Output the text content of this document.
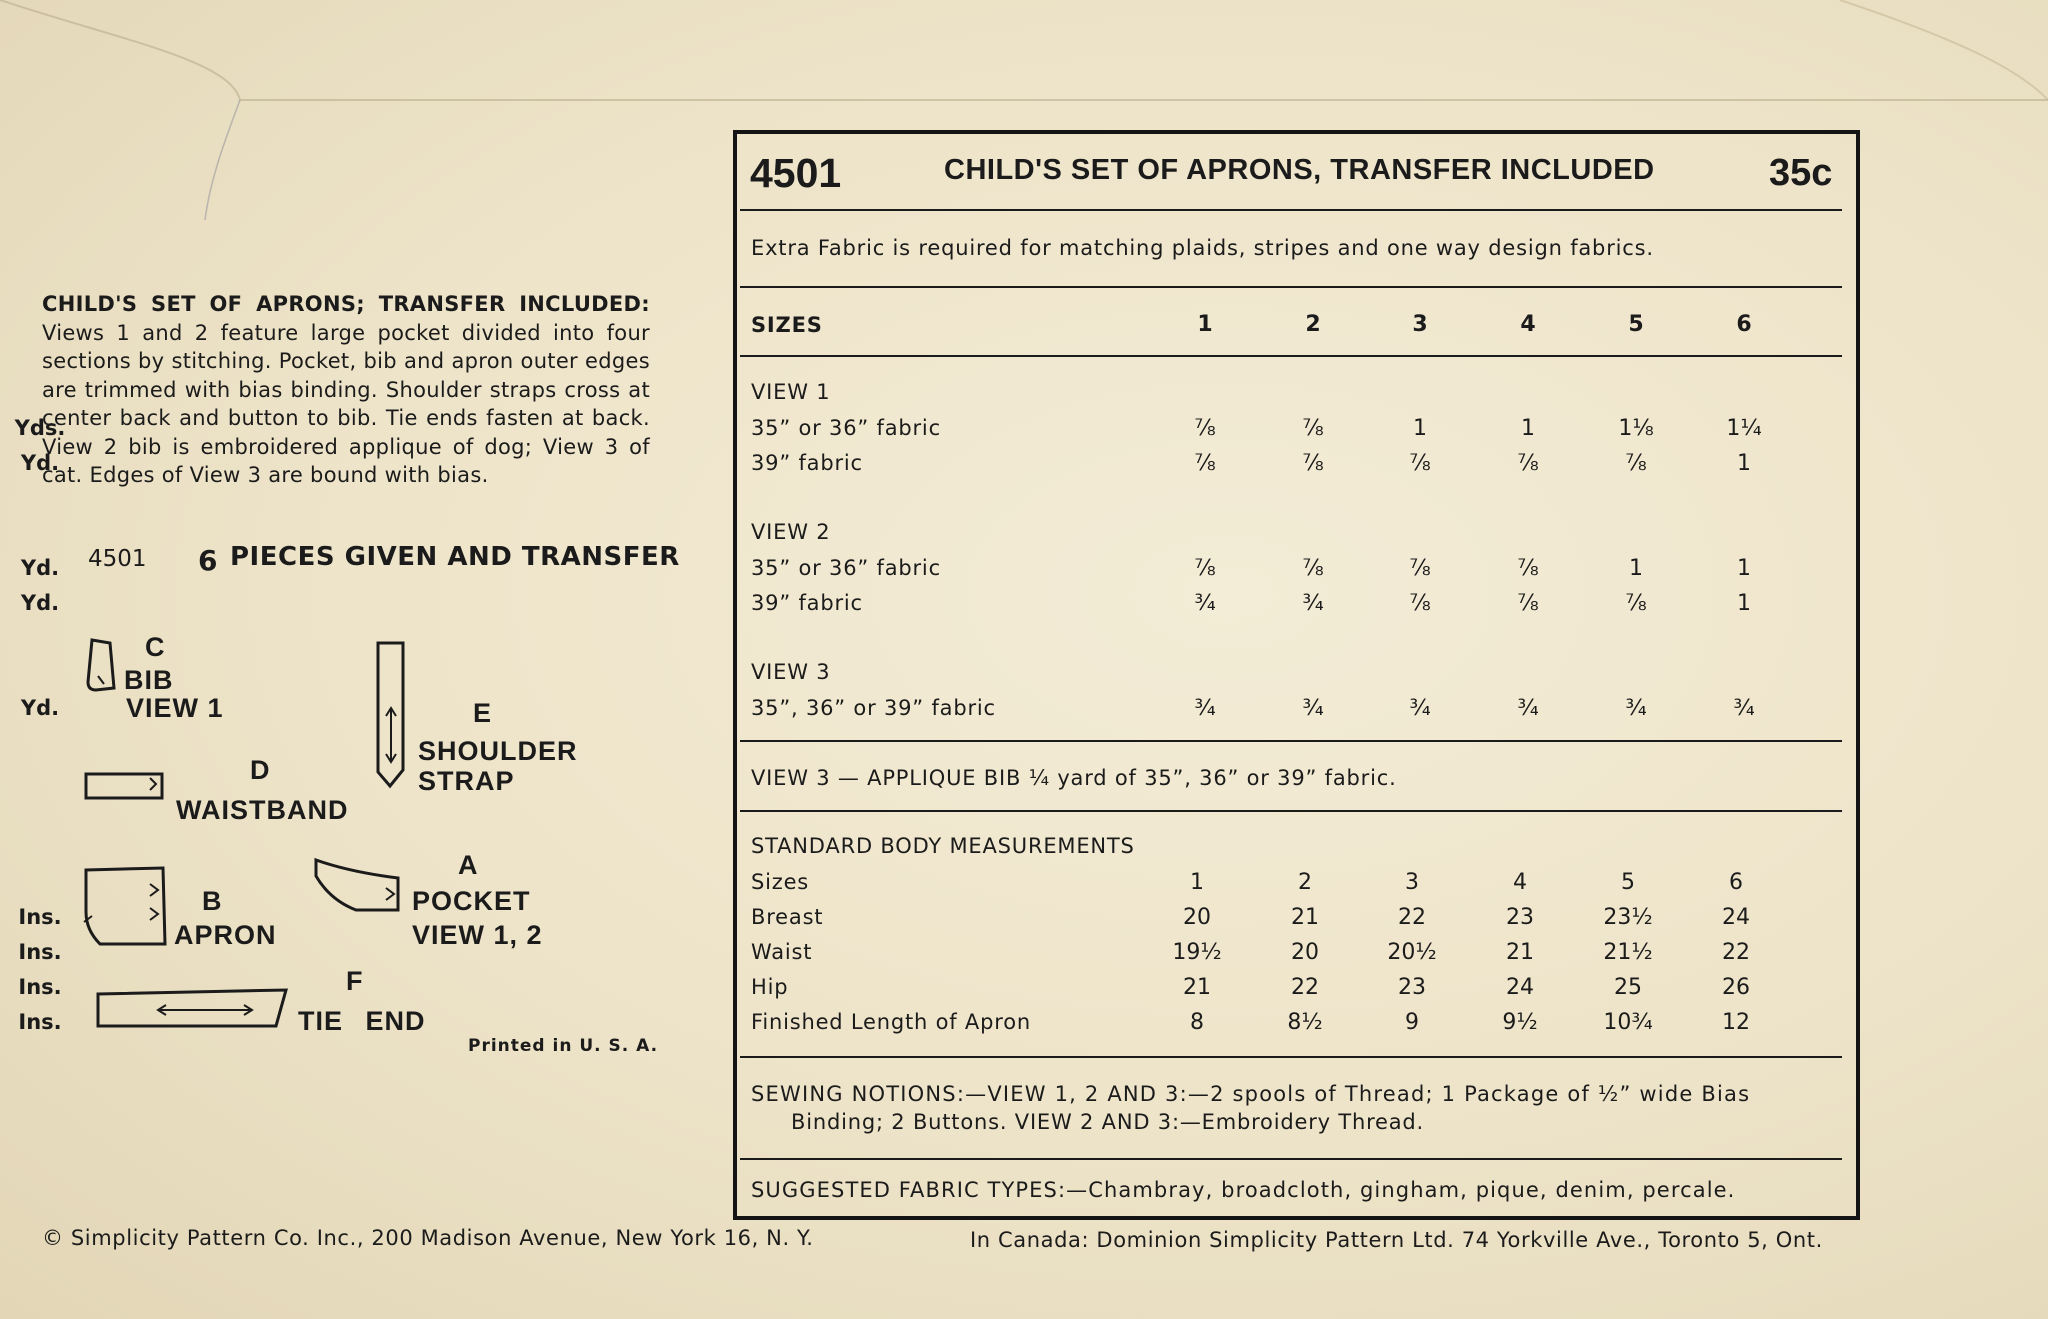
CHILD'S SET OF APRONS; TRANSFER INCLUDED: Views 1 and 2 feature large pocket divided into four sections by stitching. Pocket, bib and apron outer edges are trimmed with bias binding. Shoulder straps cross at center back and button to bib. Tie ends fasten at back. View 2 bib is embroidered applique of dog; View 3 of cat. Edges of View 3 are bound with bias.
4501 6 PIECES GIVEN AND TRANSFER
C
BIB
VIEW 1	E
SHOULDER
STRAP
D
WAISTBAND
A
POCKET
VIEW 1, 2
B
APRON
F
TIE END
Printed in U. S. A.
4501	CHILD'S SET OF APRONS, TRANSFER INCLUDED	35c
Extra Fabric is required for matching plaids, stripes and one way design fabrics.
SIZES	1	2	3	4	5	6
VIEW 1
35” or 36” fabric	⅞	⅞	1	1	1⅛	1¼
Yds.
39” fabric	⅞	⅞	⅞	⅞	⅞	1
Yd.
VIEW 2
35” or 36” fabric	⅞	⅞	⅞	⅞	1	1
Yd.
39” fabric	¾	¾	⅞	⅞	⅞	1
Yd.
VIEW 3
35”, 36” or 39” fabric	¾	¾	¾	¾	¾	¾
Yd.
VIEW 3 — APPLIQUE BIB ¼ yard of 35”, 36” or 39” fabric.
STANDARD BODY MEASUREMENTS
Sizes	1	2	3	4	5	6
Breast	20	21	22	23	23½	24
Ins.
Waist	19½	20	20½	21	21½	22
Ins.
Hip	21	22	23	24	25	26
Ins.
Finished Length of Apron	8	8½	9	9½	10¾	12
Ins.
SEWING NOTIONS:—VIEW 1, 2 AND 3:—2 spools of Thread; 1 Package of ½” wide Bias
Binding; 2 Buttons. VIEW 2 AND 3:—Embroidery Thread.
SUGGESTED FABRIC TYPES:—Chambray, broadcloth, gingham, pique, denim, percale.
© Simplicity Pattern Co. Inc., 200 Madison Avenue, New York 16, N. Y.	In Canada: Dominion Simplicity Pattern Ltd. 74 Yorkville Ave., Toronto 5, Ont.
